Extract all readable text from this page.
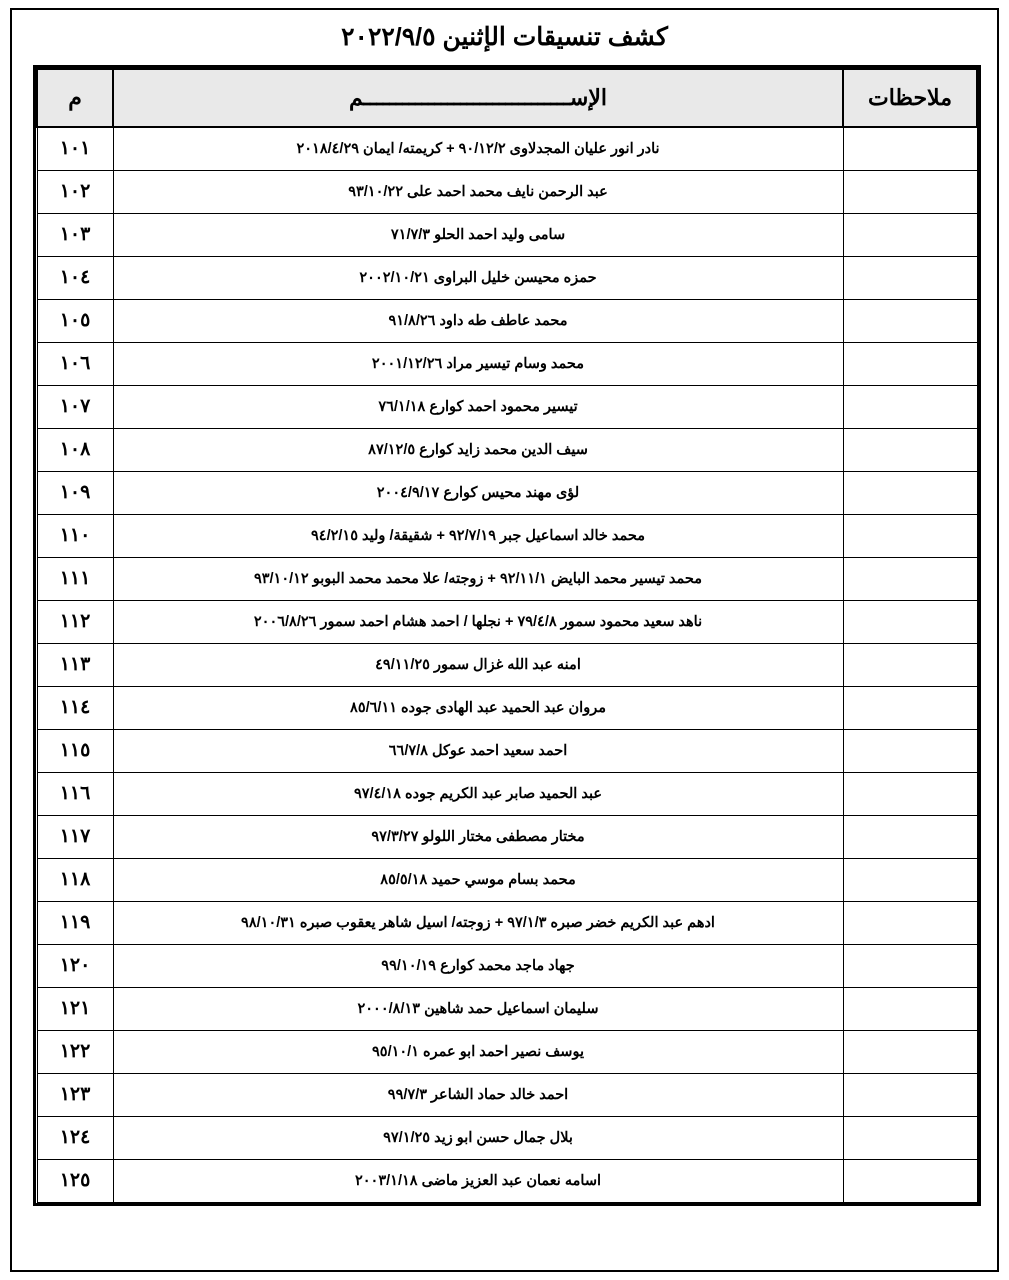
كشف تنسيقات الإثنين ٢٠٢٢/٩/٥
ملاحظات	الإســــــــــــــــــــــــــــــــم	م
	نادر انور عليان المجدلاوى ٩٠/١٢/٢ + كريمته/ ايمان ٢٠١٨/٤/٢٩	١٠١
	عبد الرحمن نايف محمد احمد على ٩٣/١٠/٢٢	١٠٢
	سامى وليد احمد الحلو ٧١/٧/٣	١٠٣
	حمزه محيسن خليل البراوى ٢٠٠٢/١٠/٢١	١٠٤
	محمد عاطف طه داود ٩١/٨/٢٦	١٠٥
	محمد وسام تيسير مراد ٢٠٠١/١٢/٢٦	١٠٦
	تيسير محمود احمد كوارع ٧٦/١/١٨	١٠٧
	سيف الدين محمد زايد كوارع ٨٧/١٢/٥	١٠٨
	لؤى مهند محيس كوارع ٢٠٠٤/٩/١٧	١٠٩
	محمد خالد اسماعيل جبر ٩٢/٧/١٩ + شقيقة/ وليد ٩٤/٢/١٥	١١٠
	محمد تيسير محمد البايض ٩٢/١١/١ + زوجته/ علا محمد محمد البوبو ٩٣/١٠/١٢	١١١
	ناهد سعيد محمود سمور ٧٩/٤/٨ + نجلها / احمد هشام احمد سمور ٢٠٠٦/٨/٢٦	١١٢
	امنه عبد الله غزال سمور ٤٩/١١/٢٥	١١٣
	مروان عبد الحميد عبد الهادى جوده ٨٥/٦/١١	١١٤
	احمد سعيد احمد عوكل ٦٦/٧/٨	١١٥
	عبد الحميد صابر عبد الكريم جوده ٩٧/٤/١٨	١١٦
	مختار مصطفى مختار اللولو ٩٧/٣/٢٧	١١٧
	محمد بسام موسي حميد ٨٥/٥/١٨	١١٨
	ادهم عبد الكريم خضر صبره ٩٧/١/٣ + زوجته/ اسيل شاهر يعقوب صبره ٩٨/١٠/٣١	١١٩
	جهاد ماجد محمد كوارع ٩٩/١٠/١٩	١٢٠
	سليمان اسماعيل حمد شاهين ٢٠٠٠/٨/١٣	١٢١
	يوسف نصير احمد ابو عمره ٩٥/١٠/١	١٢٢
	احمد خالد حماد الشاعر ٩٩/٧/٣	١٢٣
	بلال جمال حسن ابو زيد ٩٧/١/٢٥	١٢٤
	اسامه نعمان عبد العزيز ماضى ٢٠٠٣/١/١٨	١٢٥
